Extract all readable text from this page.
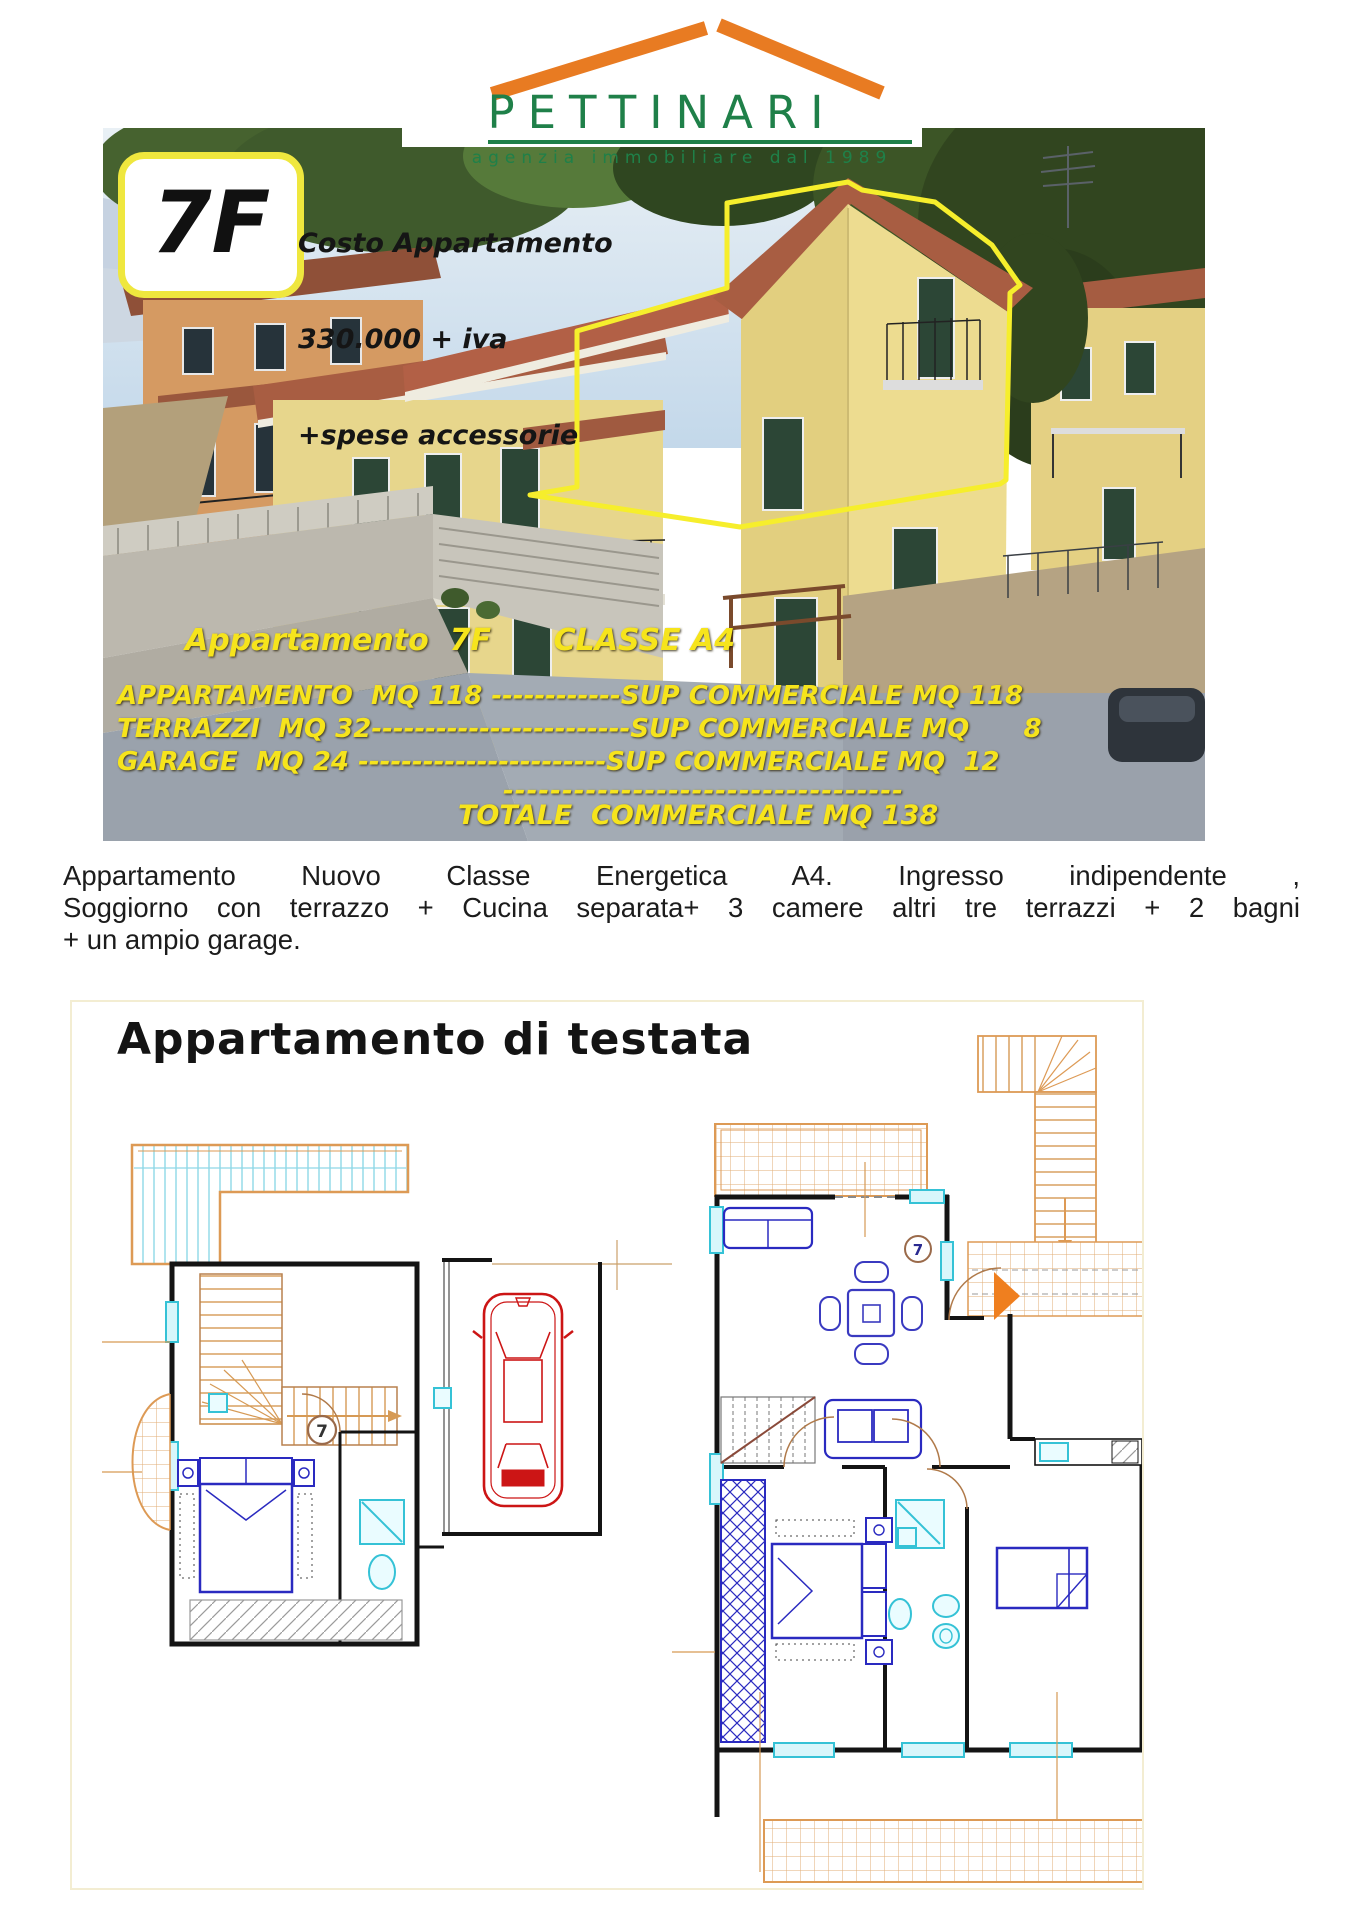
7F

Costo Appartamento

330.000 + iva

+spese accessorie

Appartamento  7F      CLASSE A4
APPARTAMENTO  MQ 118 ------------SUP COMMERCIALE MQ 118
TERRAZZI  MQ 32------------------------SUP COMMERCIALE MQ      8
GARAGE  MQ 24 -----------------------SUP COMMERCIALE MQ  12
----------------------------------
TOTALE  COMMERCIALE MQ 138
PETTINARI
agenzia immobiliare dal 1989
Appartamento Nuovo Classe Energetica A4. Ingresso indipendente ,
Soggiorno con terrazzo + Cucina separata+ 3 camere altri tre terrazzi + 2 bagni
+ un ampio garage.
Appartamento di testata
7
7
